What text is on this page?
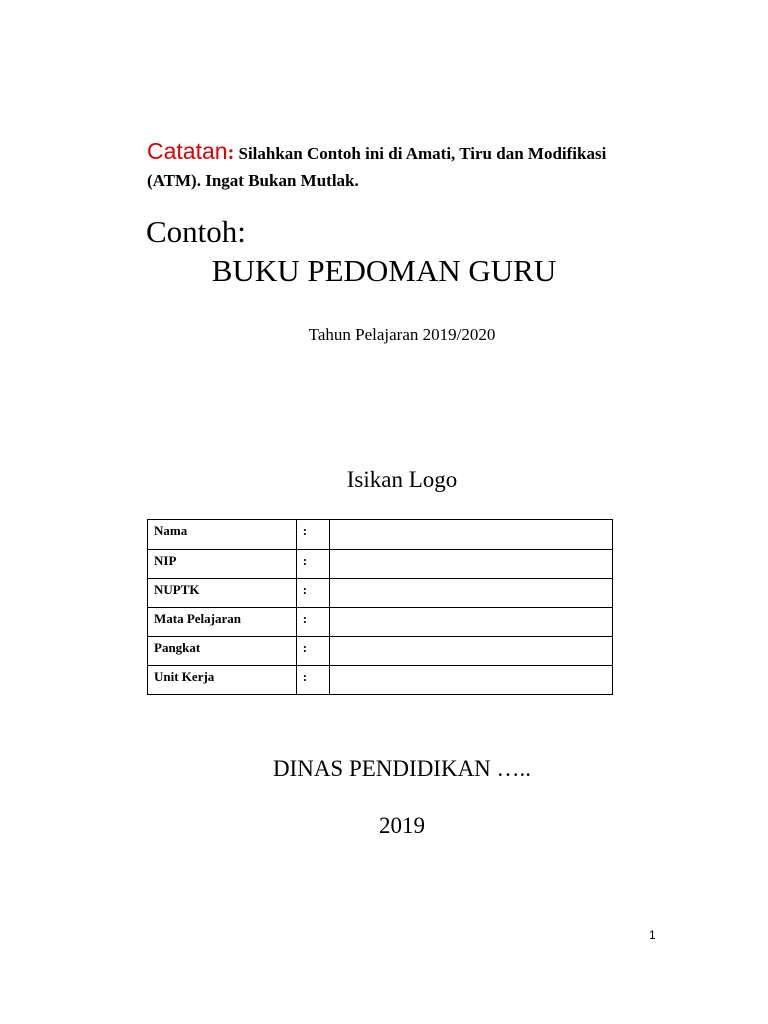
Catatan: Silahkan Contoh ini di Amati, Tiru dan Modifikasi (ATM). Ingat Bukan Mutlak.
Contoh:
BUKU PEDOMAN GURU
Tahun Pelajaran 2019/2020
Isikan Logo
Nama	:	
NIP	:	
NUPTK	:	
Mata Pelajaran	:	
Pangkat	:	
Unit Kerja	:	
DINAS PENDIDIKAN …..
2019
1
